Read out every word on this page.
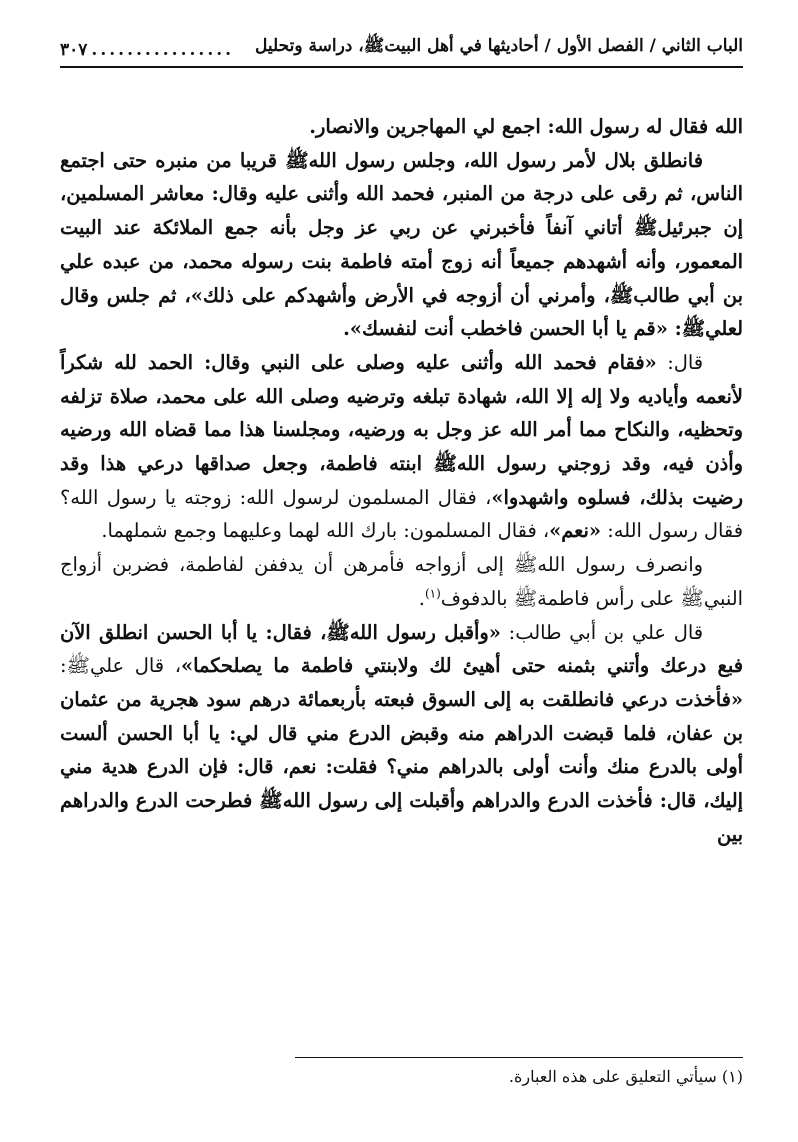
الباب الثاني / الفصل الأول / أحاديثها في أهل البيتﷺ، دراسة وتحليل
................
٣٠٧

الله فقال له رسول الله: اجمع لي المهاجرين والانصار.

فانطلق بلال لأمر رسول الله، وجلس رسول اللهﷺ قريبا من منبره حتى اجتمع الناس، ثم رقى على درجة من المنبر، فحمد الله وأثنى عليه وقال: معاشر المسلمين، إن جبرئيلﷺ أتاني آنفاً فأخبرني عن ربي عز وجل بأنه جمع الملائكة عند البيت المعمور، وأنه أشهدهم جميعاً أنه زوج أمته فاطمة بنت رسوله محمد، من عبده علي بن أبي طالبﷺ، وأمرني أن أزوجه في الأرض وأشهدكم على ذلك»، ثم جلس وقال لعليﷺ: «قم يا أبا الحسن فاخطب أنت لنفسك».

قال: «فقام فحمد الله وأثنى عليه وصلى على النبي وقال: الحمد لله شكراً لأنعمه وأياديه ولا إله إلا الله، شهادة تبلغه وترضيه وصلى الله على محمد، صلاة تزلفه وتحظيه، والنكاح مما أمر الله عز وجل به ورضيه، ومجلسنا هذا مما قضاه الله ورضيه وأذن فيه، وقد زوجني رسول اللهﷺ ابنته فاطمة، وجعل صداقها درعي هذا وقد رضيت بذلك، فسلوه واشهدوا»، فقال المسلمون لرسول الله: زوجته يا رسول الله؟ فقال رسول الله: «نعم»، فقال المسلمون: بارك الله لهما وعليهما وجمع شملهما.

وانصرف رسول اللهﷺ إلى أزواجه فأمرهن أن يدففن لفاطمة، فضربن أزواج النبيﷺ على رأس فاطمةﷺ بالدفوف$^{(١)}$.

قال علي بن أبي طالب: «وأقبل رسول اللهﷺ، فقال: يا أبا الحسن انطلق الآن فبع درعك وأتني بثمنه حتى أهيئ لك ولابنتي فاطمة ما يصلحكما»، قال عليﷺ: «فأخذت درعي فانطلقت به إلى السوق فبعته بأربعمائة درهم سود هجرية من عثمان بن عفان، فلما قبضت الدراهم منه وقبض الدرع مني قال لي: يا أبا الحسن ألست أولى بالدرع منك وأنت أولى بالدراهم مني؟ فقلت: نعم، قال: فإن الدرع هدية مني إليك، قال: فأخذت الدرع والدراهم وأقبلت إلى رسول اللهﷺ فطرحت الدرع والدراهم بين

(١) سيأتي التعليق على هذه العبارة.
